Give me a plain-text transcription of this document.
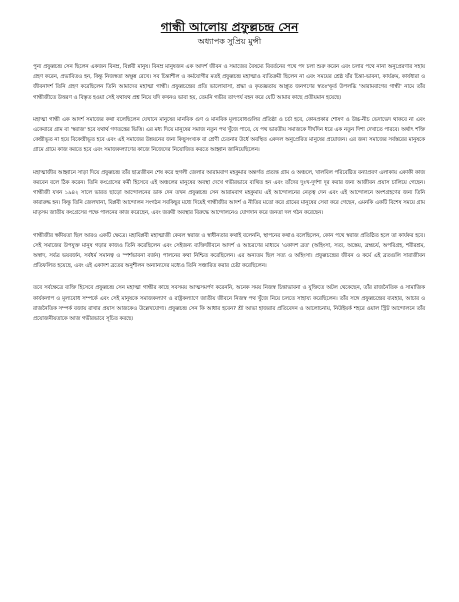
গান্ধী আলোয় প্রফুল্লচন্দ্র সেন
অধ্যাপক সুপ্রিয় মুন্সী

পুন্য প্রফুল্লচন্দ্র সেন ছিলেন একজন বিনম্র, বিপ্লবী মানুষ। বিনম্র মানুষজন এক আদর্শ জীবন ও সমাজের বৈষম্যে বিবর্তনের পথে পদ চলা শুরু করেন এবং চলার পথে নানা অনুপ্রেরণার সহায় গ্রহণ করেন, প্রভাবিতও হন, কিন্তু নিজস্বতা অক্ষুন্ন রেখে। সব চিন্তাশীল ও কর্মযোগীর মতই প্রফুল্লচন্দ্র মহাত্মাও ব্যতিক্রমী ছিলেন না এবং সময়ের শ্রেষ্ঠ যাঁর চিন্তা-ভাবনা, কার্যক্রম, কার্যধারা ও জীবনাদর্শ তিনি গ্রহণ করেছিলেন তিনি আমাদের মহাত্মা গান্ধী। প্রফুল্লচন্দ্রের প্রতি ভালোবাসা, শ্রদ্ধা ও কৃতজ্ঞতায় আপ্লুত জনগণের স্বতঃস্ফূর্ত উপলব্ধি 'আরামবাগের গান্ধী' নামে তাঁর গান্ধীজীতে উত্তরণ ও বিস্তৃত হওয়া সেই যথাযথ প্রশ্ন নিয়ে যদি কখনও ভাবা হয়, তেমনি গভীর তাৎপর্য বহন করে যেটি আমার কাছে প্রতীয়মান হয়েছে।

মহাত্মা গান্ধী এক আদর্শ সমাজের কথা বলেছিলেন যেখানে মানুষের মানবিক গুণ ও মানবিক মূল্যবোধগুলির প্রতিষ্ঠা ও চর্চা হবে, কোনপ্রকার শোষণ ও উচ্চ-নীচ ভেদাভেদ থাকবে না এবং একেবারে গ্রাম বা 'স্বরাজ' হবে যথার্থ গণতন্ত্রের ভিত্তি। এর মধ্য দিয়ে মানুষের সমাজ নতুন পথ খুঁজে পাবে, যে পথ ভারতীয় সমাজকে দীর্ঘদিন ধরে এক নতুন দিশা দেখাতে পারবে। অর্থাৎ শক্তি কেন্দ্রীভূত না হয়ে বিকেন্দ্রীভূত হবে এবং এই সমাজের উন্নয়নের জন্য কিছুসংখ্যক বা শ্রেণী চেতনার উর্ধে অবস্থিত একদল অনুপ্রেরিত মানুষের প্রয়োজন। এর জন্য সমাজের সর্বস্তরের মানুষকে গ্রামে গ্রামে কাজ করতে হবে এবং সমাজকল্যাণের কাজে নিজেদের নিয়োজিত করতে আহ্বান জানিয়েছিলেন।

মহাত্মাজীর আহ্বানে সাড়া দিয়ে প্রফুল্লচন্দ্র তাঁর ছাত্রজীবন শেষ করে হুগলী জেলার আরামবাগ মহকুমার অন্তর্গত প্রত্যন্ত গ্রাম ও অঞ্চলে, খালবিল পরিবেষ্টিত বন্যাপ্রবণ এলাকায় একাকী কাজ করবেন বলে ঠিক করেন। তিনি কংগ্রেসের কর্মী হিসেবে এই অঞ্চলের মানুষের অবস্থা দেখে গভীরভাবে ব্যথিত হন এবং তাঁদের দুঃখ-দুর্দশা দূর করার জন্য আজীবন প্রয়াস চালিয়ে গেছেন। গান্ধীজী যখন ১৯৪২ সালে ভারত ছাড়ো আন্দোলনের ডাক দেন তখন প্রফুল্লচন্দ্র সেন আরামবাগ মহকুমায় এই আন্দোলনের নেতৃত্ব দেন এবং এই আন্দোলনে অংশগ্রহণের জন্য তিনি কারারুদ্ধ হন। কিন্তু তিনি জেলখানা, বিপ্লবী আন্দোলন সংগঠন সবকিছুর মধ্যে দিয়েই গান্ধীজীর আদর্শ ও নীতির মতো করে গ্রামের মানুষের সেবা করে গেছেন, এমনকি একটি বিশেষ সময়ে গ্রাম মাতৃসম জাতীয় কংগ্রেসের পক্ষে পালনের কাজ করেছেন, এবং জরুরী অবস্থার বিরুদ্ধে আন্দোলনেও যোগদান করে জনতা দল গঠন করেছেন।

গান্ধীজীর স্বকীয়তা ছিল আরও একটি ক্ষেত্রে। মহাবিপ্লবী মহাত্মাজী কেবল স্বরাজ ও স্বাধীনতার কথাই বলেননি, স্থাপনের কথাও বলেছিলেন, কোন পথে স্বরাজ প্রতিষ্ঠিত হলে তা কার্যকর হবে। সেই সমাজের উপযুক্ত মানুষ গড়ার কাজও তিনি করেছিলেন এবং সেইজন্য ব্যক্তিজীবনে আদর্শ ও আচরণের মাধ্যমে 'একাদশ ব্রত' (অহিংসা, সত্য, অস্তেয়, ব্রহ্মচর্য, অপরিগ্রহ, শরীরশ্রম, অস্বাদ, সর্বত্র ভয়বর্জন, সর্বধর্ম সমানত্ব ও স্পর্শভাবনা বর্জন) পালনের কথা নিশ্চিত করেছিলেন। এর অন্যতম ছিল সত্য ও অহিংসা। প্রফুল্লচন্দ্রের জীবন ও কর্মে এই ব্রতগুলি সারাজীবন প্রতিফলিত হয়েছে, এবং এই একাদশ ব্রতের অনুশীলন অন্যান্যদের মধ্যেও তিনি সঞ্চারিত করার চেষ্টা করেছিলেন।

তবে সর্বক্ষেত্রে ব্যক্তি হিসেবে প্রফুল্লচন্দ্র সেন মহাত্মা গান্ধীর কাছে সবসময় আত্মসমর্পণ করেননি, অনেক সময় নিজস্ব চিন্তাভাবনা ও যুক্তিতে অটল থেকেছেন, তাঁর রাজনৈতিক ও সামাজিক কার্যকলাপ ও মূল্যবোধ সম্পর্কে এবং সেই মানুষকে সমাজকল্যাণ ও রাষ্ট্রকল্যাণে জাতীয় জীবনে নিজস্ব পথ খুঁজে নিয়ে চলতে সাহায্য করেছিলেন। তাঁর সঙ্গে প্রফুল্লচন্দ্রের ব্যবহার, আচার ও রাজনৈতিক সম্পর্ক বজায় রাখার প্রয়াস আজকেও উল্লেখযোগ্য। প্রফুল্লচন্দ্র সেন কি আধার হবেন? শ্রী আভা হাজরার প্রতিবেদন ও আলোচনায়, নিউইয়র্ক শহরে ওয়াল স্ট্রিট আন্দোলনে তাঁর প্রয়োজনীয়তাকে আজ গভীরভাবে সূচিত করছে।
